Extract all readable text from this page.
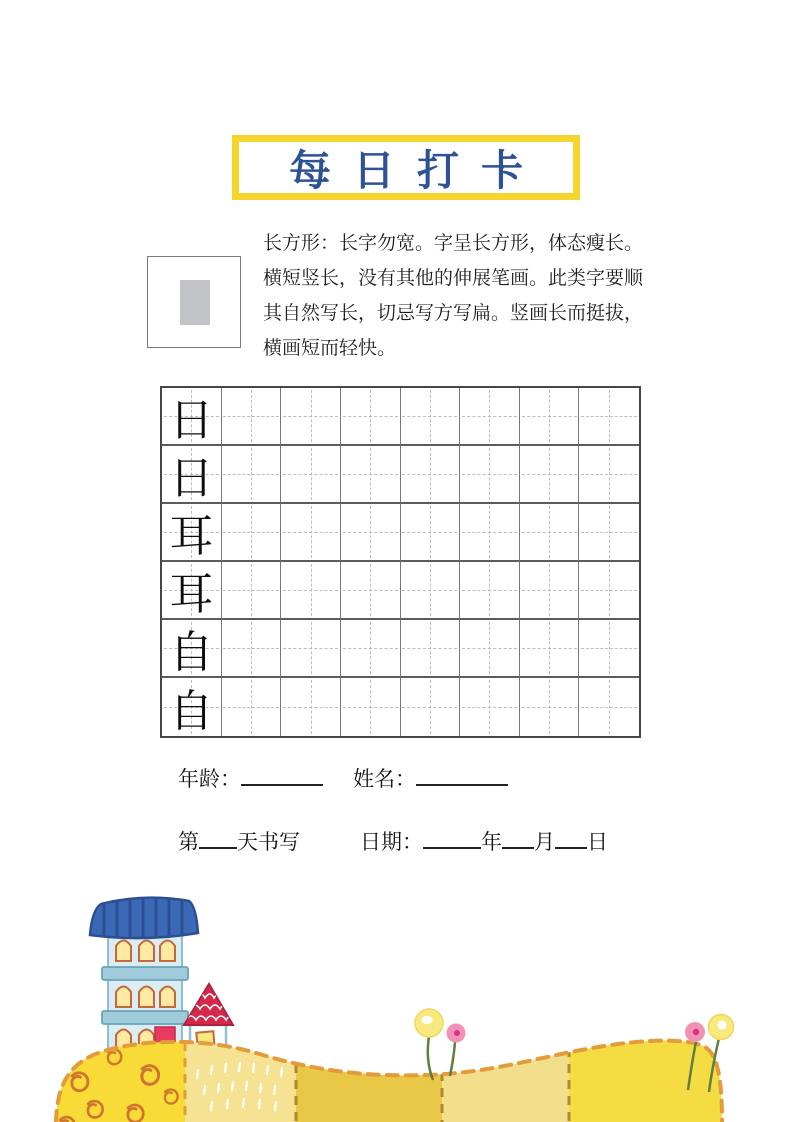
每日打卡
长方形：长字勿宽。字呈长方形，体态瘦长。横短竖长，没有其他的伸展笔画。此类字要顺其自然写长，切忌写方写扁。竖画长而挺拔，横画短而轻快。
日
日
耳
耳
自
自
年龄：	姓名：
第 天书写	日期：	年 月 日
